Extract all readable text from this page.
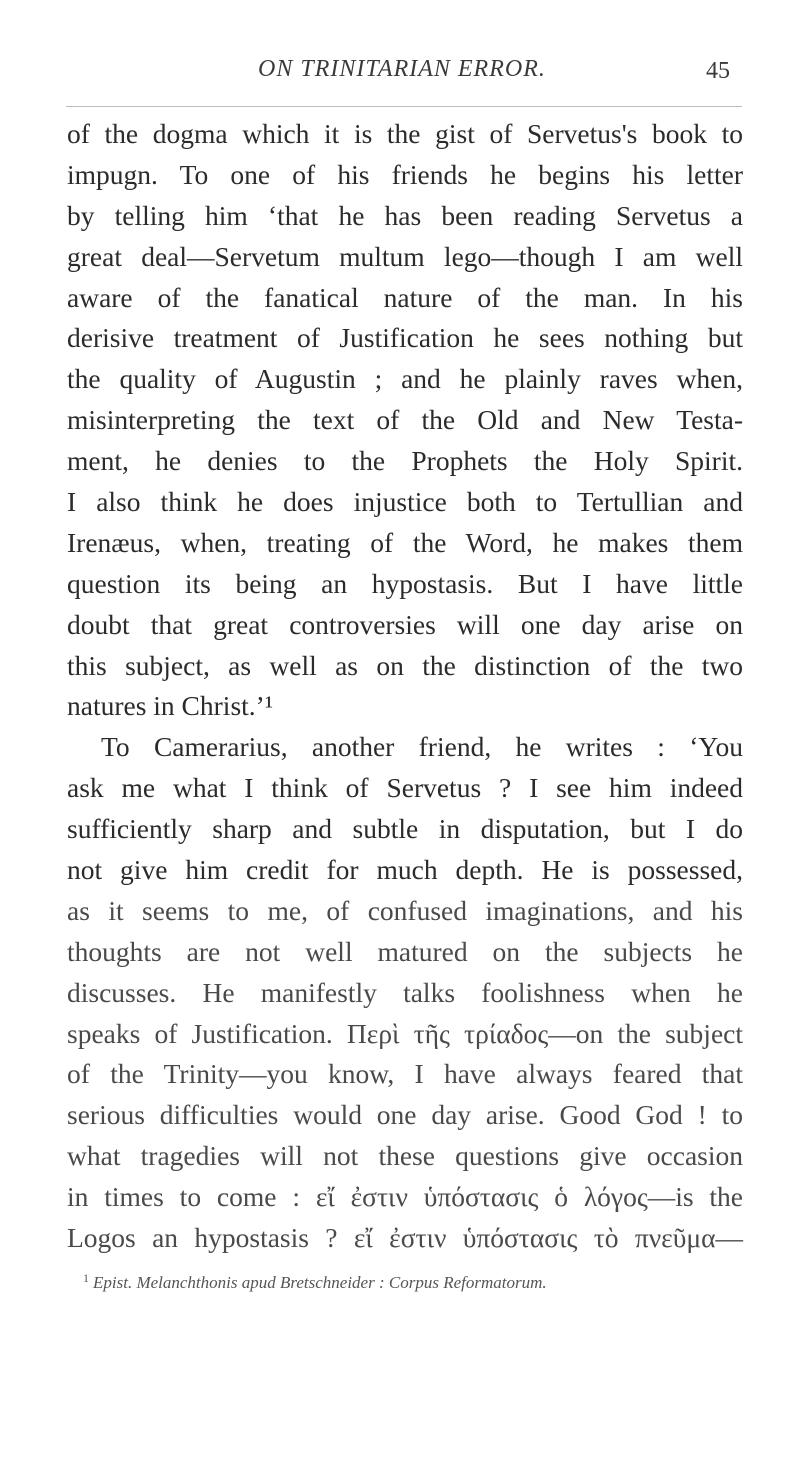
ON TRINITARIAN ERROR.	45
of the dogma which it is the gist of Servetus's book to
impugn. To one of his friends he begins his letter
by telling him ‘that he has been reading Servetus a
great deal—Servetum multum lego—though I am well
aware of the fanatical nature of the man. In his
derisive treatment of Justification he sees nothing but
the quality of Augustin ; and he plainly raves when,
misinterpreting the text of the Old and New Testa-
ment, he denies to the Prophets the Holy Spirit.
I also think he does injustice both to Tertullian and
Irenæus, when, treating of the Word, he makes them
question its being an hypostasis. But I have little
doubt that great controversies will one day arise on
this subject, as well as on the distinction of the two
natures in Christ.’¹
To Camerarius, another friend, he writes : ‘You
ask me what I think of Servetus ? I see him indeed
sufficiently sharp and subtle in disputation, but I do
not give him credit for much depth. He is possessed,
as it seems to me, of confused imaginations, and his
thoughts are not well matured on the subjects he
discusses. He manifestly talks foolishness when he
speaks of Justification. Περὶ τῆς τρίαδος—on the subject
of the Trinity—you know, I have always feared that
serious difficulties would one day arise. Good God ! to
what tragedies will not these questions give occasion
in times to come : εἴ ἐστιν ὑπόστασις ὁ λόγος—is the
Logos an hypostasis ? εἴ ἐστιν ὑπόστασις τὸ πνεῦμα—
$^1$ Epist. Melanchthonis apud Bretschneider : Corpus Reformatorum.
